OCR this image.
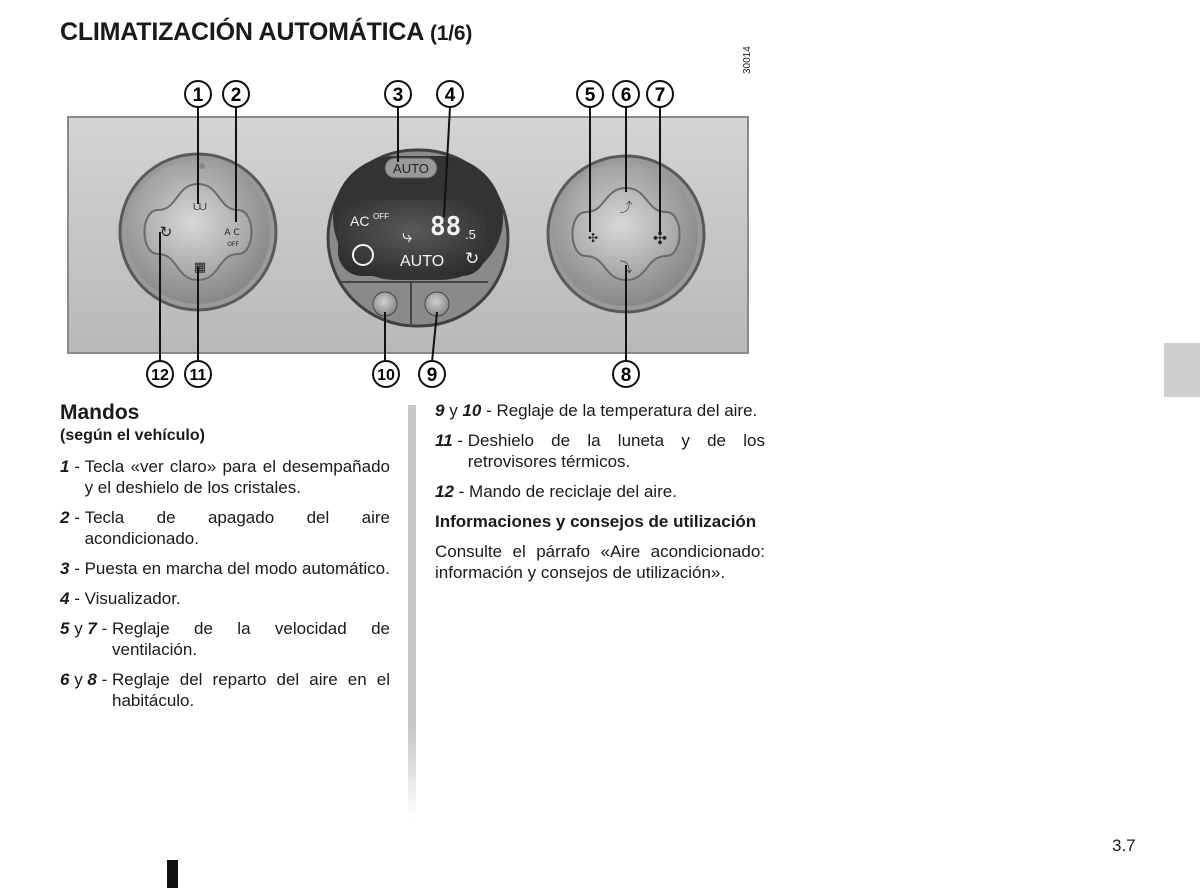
CLIMATIZACIÓN AUTOMÁTICA (1/6)
⩊
▦
↻	A C
OFF
AUTO
AC OFF 88 .5
⤷
AUTO ↻
⤴
⤵
✣	✣
1 2	3 4	5 6 7
8
9
10
11
12
30014

Mandos

(según el vehículo)

1 - Tecla «ver claro» para el desempañado y el deshielo de los cristales.
2 - Tecla de apagado del aire acondicionado.
3 - Puesta en marcha del modo automático.
4 - Visualizador.
5 y 7 - Reglaje de la velocidad de ventilación.
6 y 8 - Reglaje del reparto del aire en el habitáculo.
9 y 10 - Reglaje de la temperatura del aire.
11 - Deshielo de la luneta y de los retrovisores térmicos.
12 - Mando de reciclaje del aire.

Informaciones y consejos de utilización

Consulte el párrafo «Aire acondicionado: información y consejos de utilización».

3.7
